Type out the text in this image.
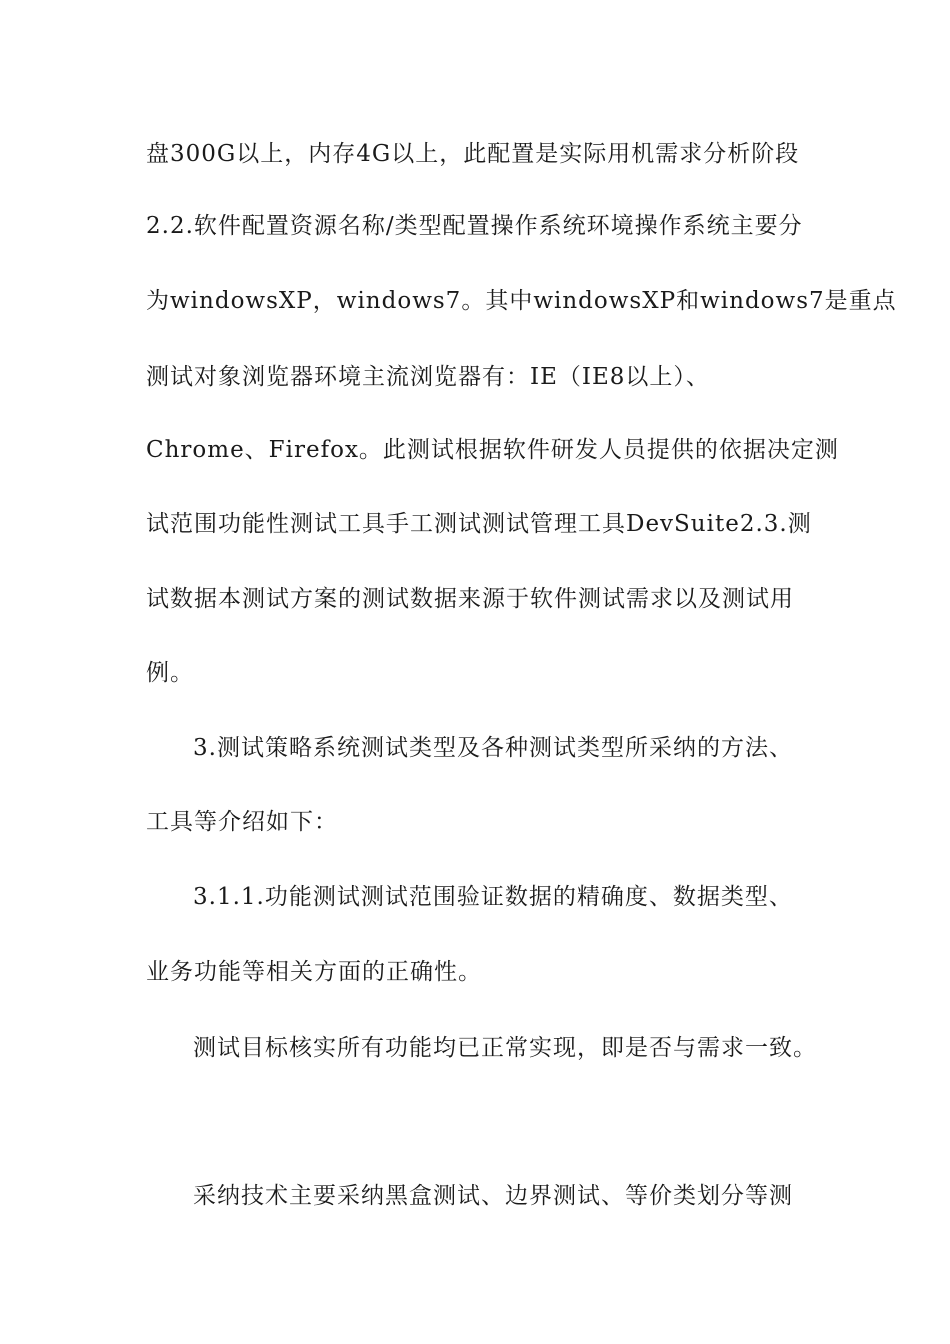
盘300G以上，内存4G以上，此配置是实际用机需求分析阶段
2.2.软件配置资源名称/类型配置操作系统环境操作系统主要分
为windowsXP，windows7。其中windowsXP和windows7是重点
测试对象浏览器环境主流浏览器有：IE（IE8以上）、
Chrome、Firefox。此测试根据软件研发人员提供的依据决定测
试范围功能性测试工具手工测试测试管理工具DevSuite2.3.测
试数据本测试方案的测试数据来源于软件测试需求以及测试用
例。
3.测试策略系统测试类型及各种测试类型所采纳的方法、
工具等介绍如下：
3.1.1.功能测试测试范围验证数据的精确度、数据类型、
业务功能等相关方面的正确性。
测试目标核实所有功能均已正常实现，即是否与需求一致。
采纳技术主要采纳黑盒测试、边界测试、等价类划分等测
